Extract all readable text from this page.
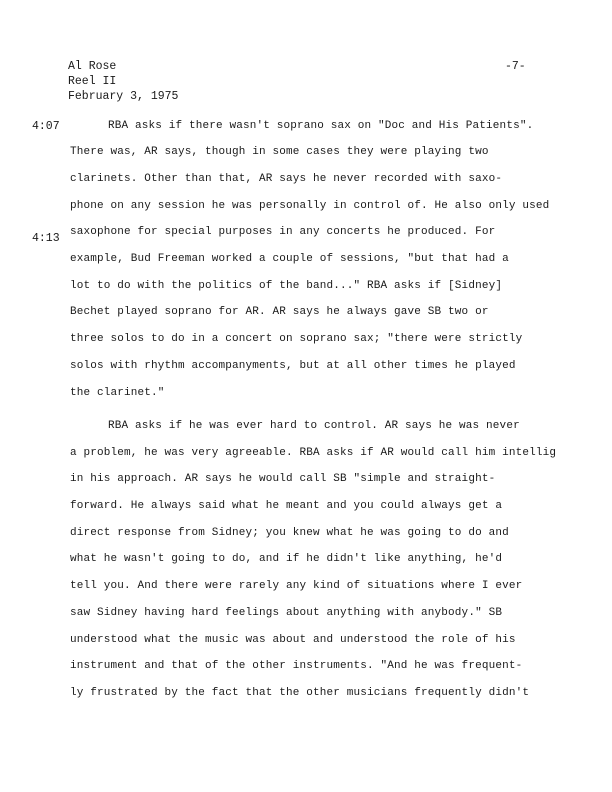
Al Rose
Reel II
February 3, 1975
-7-
4:07
4:13
RBA asks if there wasn't soprano sax on "Doc and His Patients".
There was, AR says, though in some cases they were playing two
clarinets. Other than that, AR says he never recorded with saxo-
phone on any session he was personally in control of. He also only used
saxophone for special purposes in any concerts he produced. For
example, Bud Freeman worked a couple of sessions, "but that had a
lot to do with the politics of the band..." RBA asks if [Sidney]
Bechet played soprano for AR. AR says he always gave SB two or
three solos to do in a concert on soprano sax; "there were strictly
solos with rhythm accompanyments, but at all other times he played
the clarinet."
RBA asks if he was ever hard to control. AR says he was never
a problem, he was very agreeable. RBA asks if AR would call him intellig
in his approach. AR says he would call SB "simple and straight-
forward. He always said what he meant and you could always get a
direct response from Sidney; you knew what he was going to do and
what he wasn't going to do, and if he didn't like anything, he'd
tell you. And there were rarely any kind of situations where I ever
saw Sidney having hard feelings about anything with anybody." SB
understood what the music was about and understood the role of his
instrument and that of the other instruments. "And he was frequent-
ly frustrated by the fact that the other musicians frequently didn't
